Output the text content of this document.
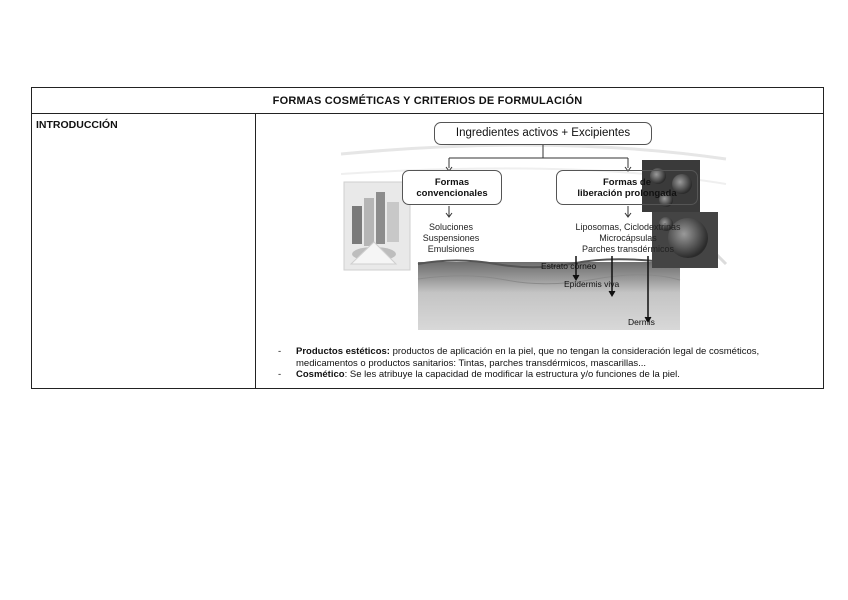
FORMAS COSMÉTICAS Y CRITERIOS DE FORMULACIÓN
INTRODUCCIÓN
Ingredientes activos + Excipientes
Formas
convencionales
Formas de
liberación prolongada
Soluciones
Suspensiones
Emulsiones
Liposomas, Ciclodextrinas
Microcápsulas
Parches transdérmicos
Estrato córneo
Epidermis viva
Dermis
- Productos estéticos: productos de aplicación en la piel, que no tengan la consideración legal de cosméticos, medicamentos o productos sanitarios: Tintas, parches transdérmicos, mascarillas...
- Cosmético: Se les atribuye la capacidad de modificar la estructura y/o funciones de la piel.
